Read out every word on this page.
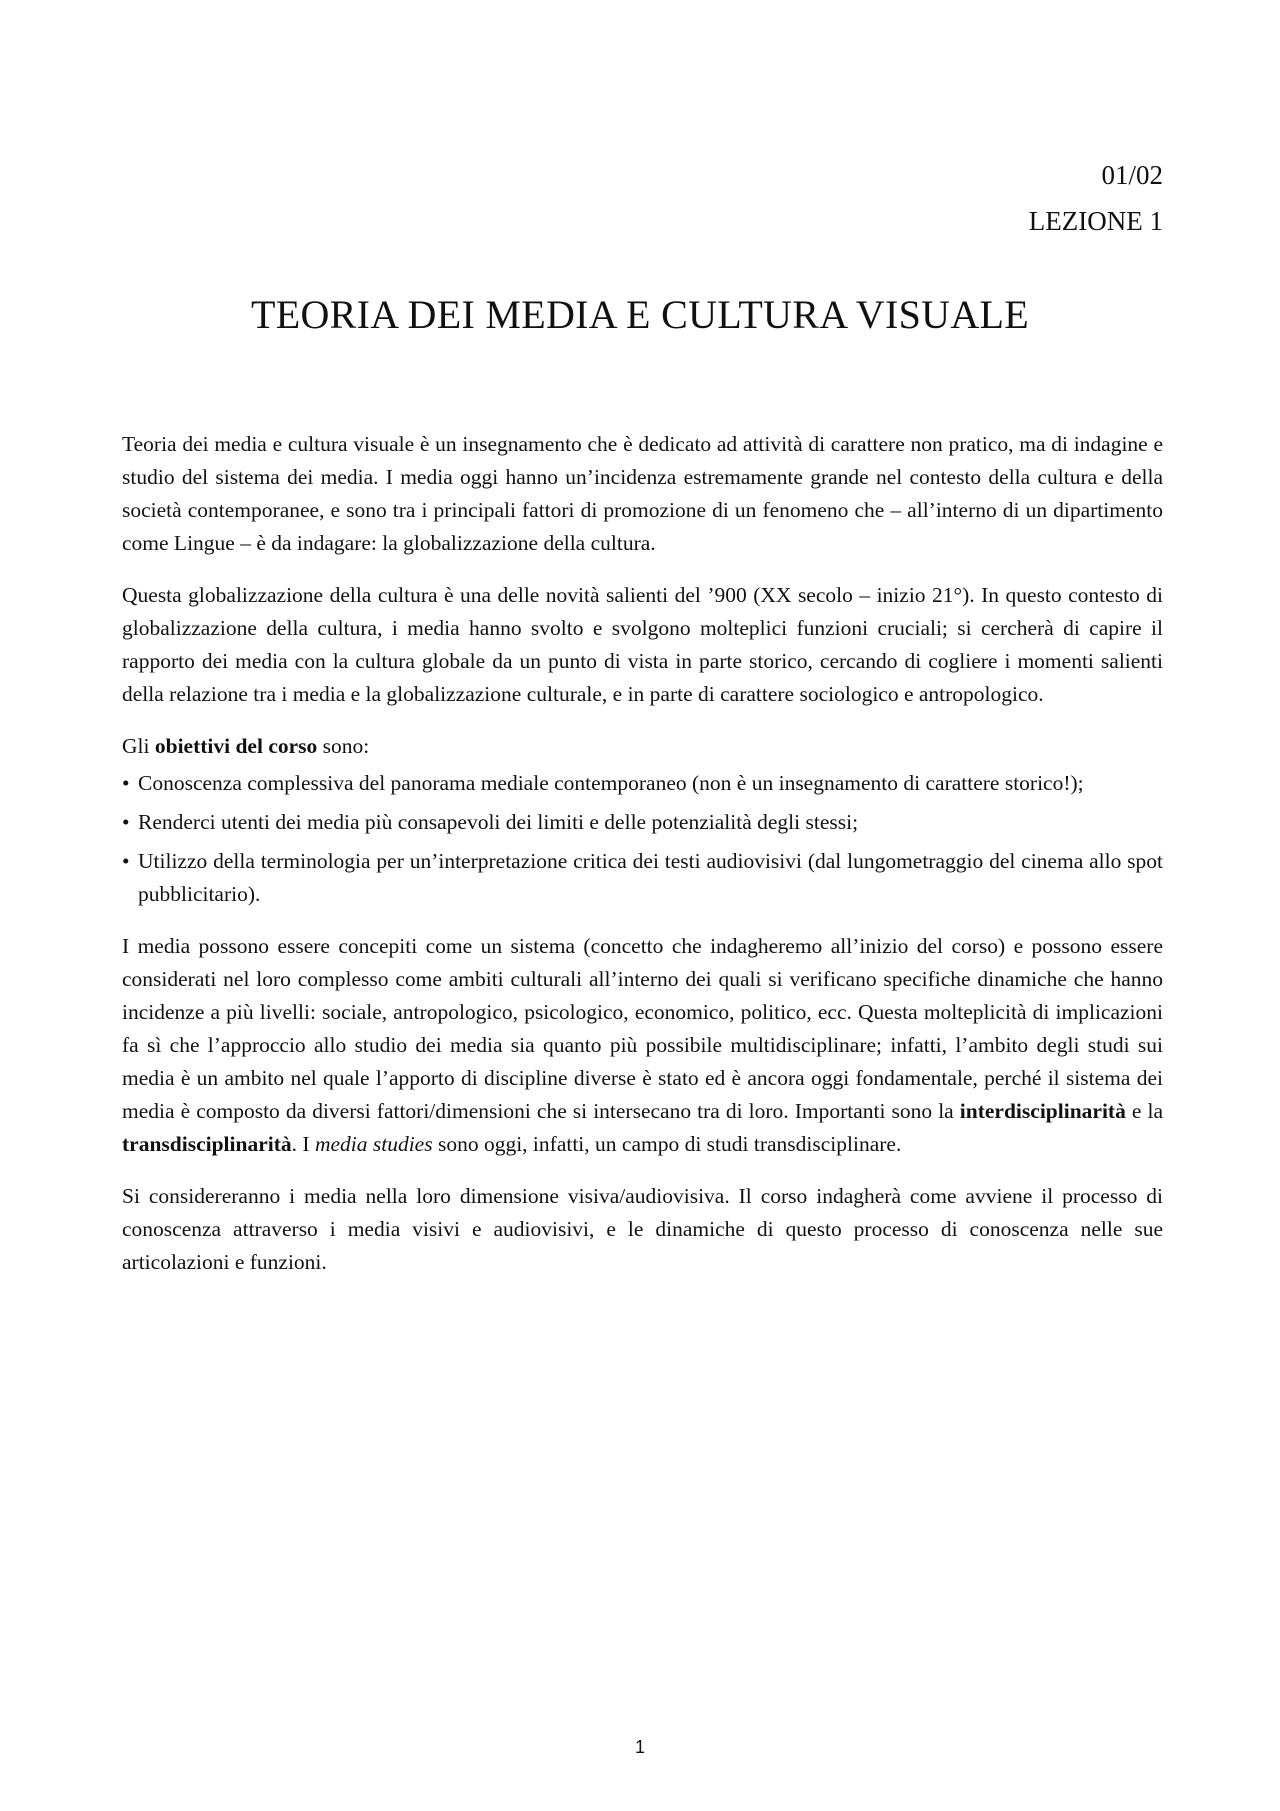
01/02
LEZIONE 1
TEORIA DEI MEDIA E CULTURA VISUALE

Teoria dei media e cultura visuale è un insegnamento che è dedicato ad attività di carattere non pratico, ma di indagine e studio del sistema dei media. I media oggi hanno un’incidenza estremamente grande nel contesto della cultura e della società contemporanee, e sono tra i principali fattori di promozione di un fenomeno che – all’interno di un dipartimento come Lingue – è da indagare: la globalizzazione della cultura.

Questa globalizzazione della cultura è una delle novità salienti del ’900 (XX secolo – inizio 21°). In questo contesto di globalizzazione della cultura, i media hanno svolto e svolgono molteplici funzioni cruciali; si cercherà di capire il rapporto dei media con la cultura globale da un punto di vista in parte storico, cercando di cogliere i momenti salienti della relazione tra i media e la globalizzazione culturale, e in parte di carattere sociologico e antropologico.

Gli obiettivi del corso sono:

• Conoscenza complessiva del panorama mediale contemporaneo (non è un insegnamento di carattere storico!);
• Renderci utenti dei media più consapevoli dei limiti e delle potenzialità degli stessi;
• Utilizzo della terminologia per un’interpretazione critica dei testi audiovisivi (dal lungometraggio del cinema allo spot pubblicitario).

I media possono essere concepiti come un sistema (concetto che indagheremo all’inizio del corso) e possono essere considerati nel loro complesso come ambiti culturali all’interno dei quali si verificano specifiche dinamiche che hanno incidenze a più livelli: sociale, antropologico, psicologico, economico, politico, ecc. Questa molteplicità di implicazioni fa sì che l’approccio allo studio dei media sia quanto più possibile multidisciplinare; infatti, l’ambito degli studi sui media è un ambito nel quale l’apporto di discipline diverse è stato ed è ancora oggi fondamentale, perché il sistema dei media è composto da diversi fattori/dimensioni che si intersecano tra di loro. Importanti sono la interdisciplinarità e la transdisciplinarità. I media studies sono oggi, infatti, un campo di studi transdisciplinare.

Si considereranno i media nella loro dimensione visiva/audiovisiva. Il corso indagherà come avviene il processo di conoscenza attraverso i media visivi e audiovisivi, e le dinamiche di questo processo di conoscenza nelle sue articolazioni e funzioni.

1
